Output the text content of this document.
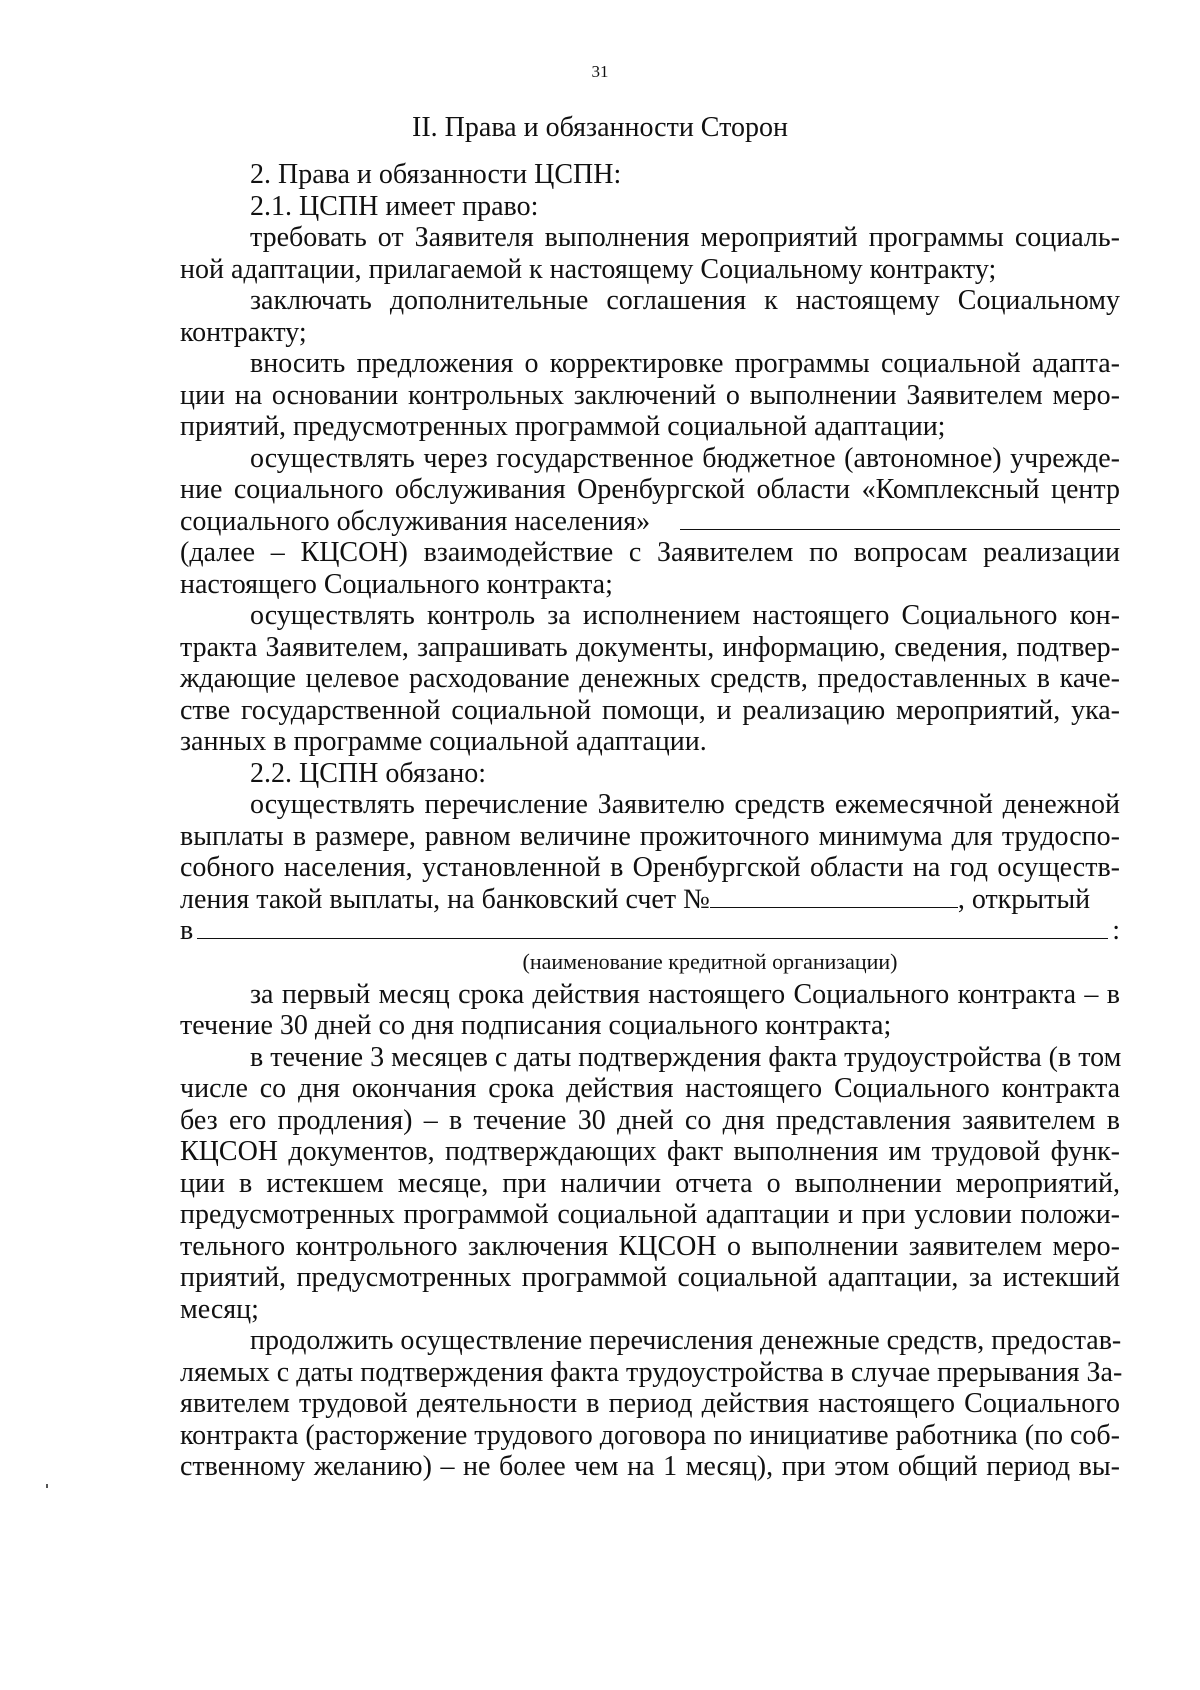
31
II. Права и обязанности Сторон
2. Права и обязанности ЦСПН:
2.1. ЦСПН имеет право:
требовать от Заявителя выполнения мероприятий программы социаль-
ной адаптации, прилагаемой к настоящему Социальному контракту;
заключать дополнительные соглашения к настоящему Социальному
контракту;
вносить предложения о корректировке программы социальной адапта-
ции на основании контрольных заключений о выполнении Заявителем меро-
приятий, предусмотренных программой социальной адаптации;
осуществлять через государственное бюджетное (автономное) учрежде-
ние социального обслуживания Оренбургской области «Комплексный центр
социального обслуживания населения»
(далее – КЦСОН) взаимодействие с Заявителем по вопросам реализации
настоящего Социального контракта;
осуществлять контроль за исполнением настоящего Социального кон-
тракта Заявителем, запрашивать документы, информацию, сведения, подтвер-
ждающие целевое расходование денежных средств, предоставленных в каче-
стве государственной социальной помощи, и реализацию мероприятий, ука-
занных в программе социальной адаптации.
2.2. ЦСПН обязано:
осуществлять перечисление Заявителю средств ежемесячной денежной
выплаты в размере, равном величине прожиточного минимума для трудоспо-
собного населения, установленной в Оренбургской области на год осуществ-
ления такой выплаты, на банковский счет №	, открытый
в	:
(наименование кредитной организации)
за первый месяц срока действия настоящего Социального контракта – в
течение 30 дней со дня подписания социального контракта;
в течение 3 месяцев с даты подтверждения факта трудоустройства (в том
числе со дня окончания срока действия настоящего Социального контракта
без его продления) – в течение 30 дней со дня представления заявителем в
КЦСОН документов, подтверждающих факт выполнения им трудовой функ-
ции в истекшем месяце, при наличии отчета о выполнении мероприятий,
предусмотренных программой социальной адаптации и при условии положи-
тельного контрольного заключения КЦСОН о выполнении заявителем меро-
приятий, предусмотренных программой социальной адаптации, за истекший
месяц;
продолжить осуществление перечисления денежные средств, предостав-
ляемых с даты подтверждения факта трудоустройства в случае прерывания За-
явителем трудовой деятельности в период действия настоящего Социального
контракта (расторжение трудового договора по инициативе работника (по соб-
ственному желанию) – не более чем на 1 месяц), при этом общий период вы-
